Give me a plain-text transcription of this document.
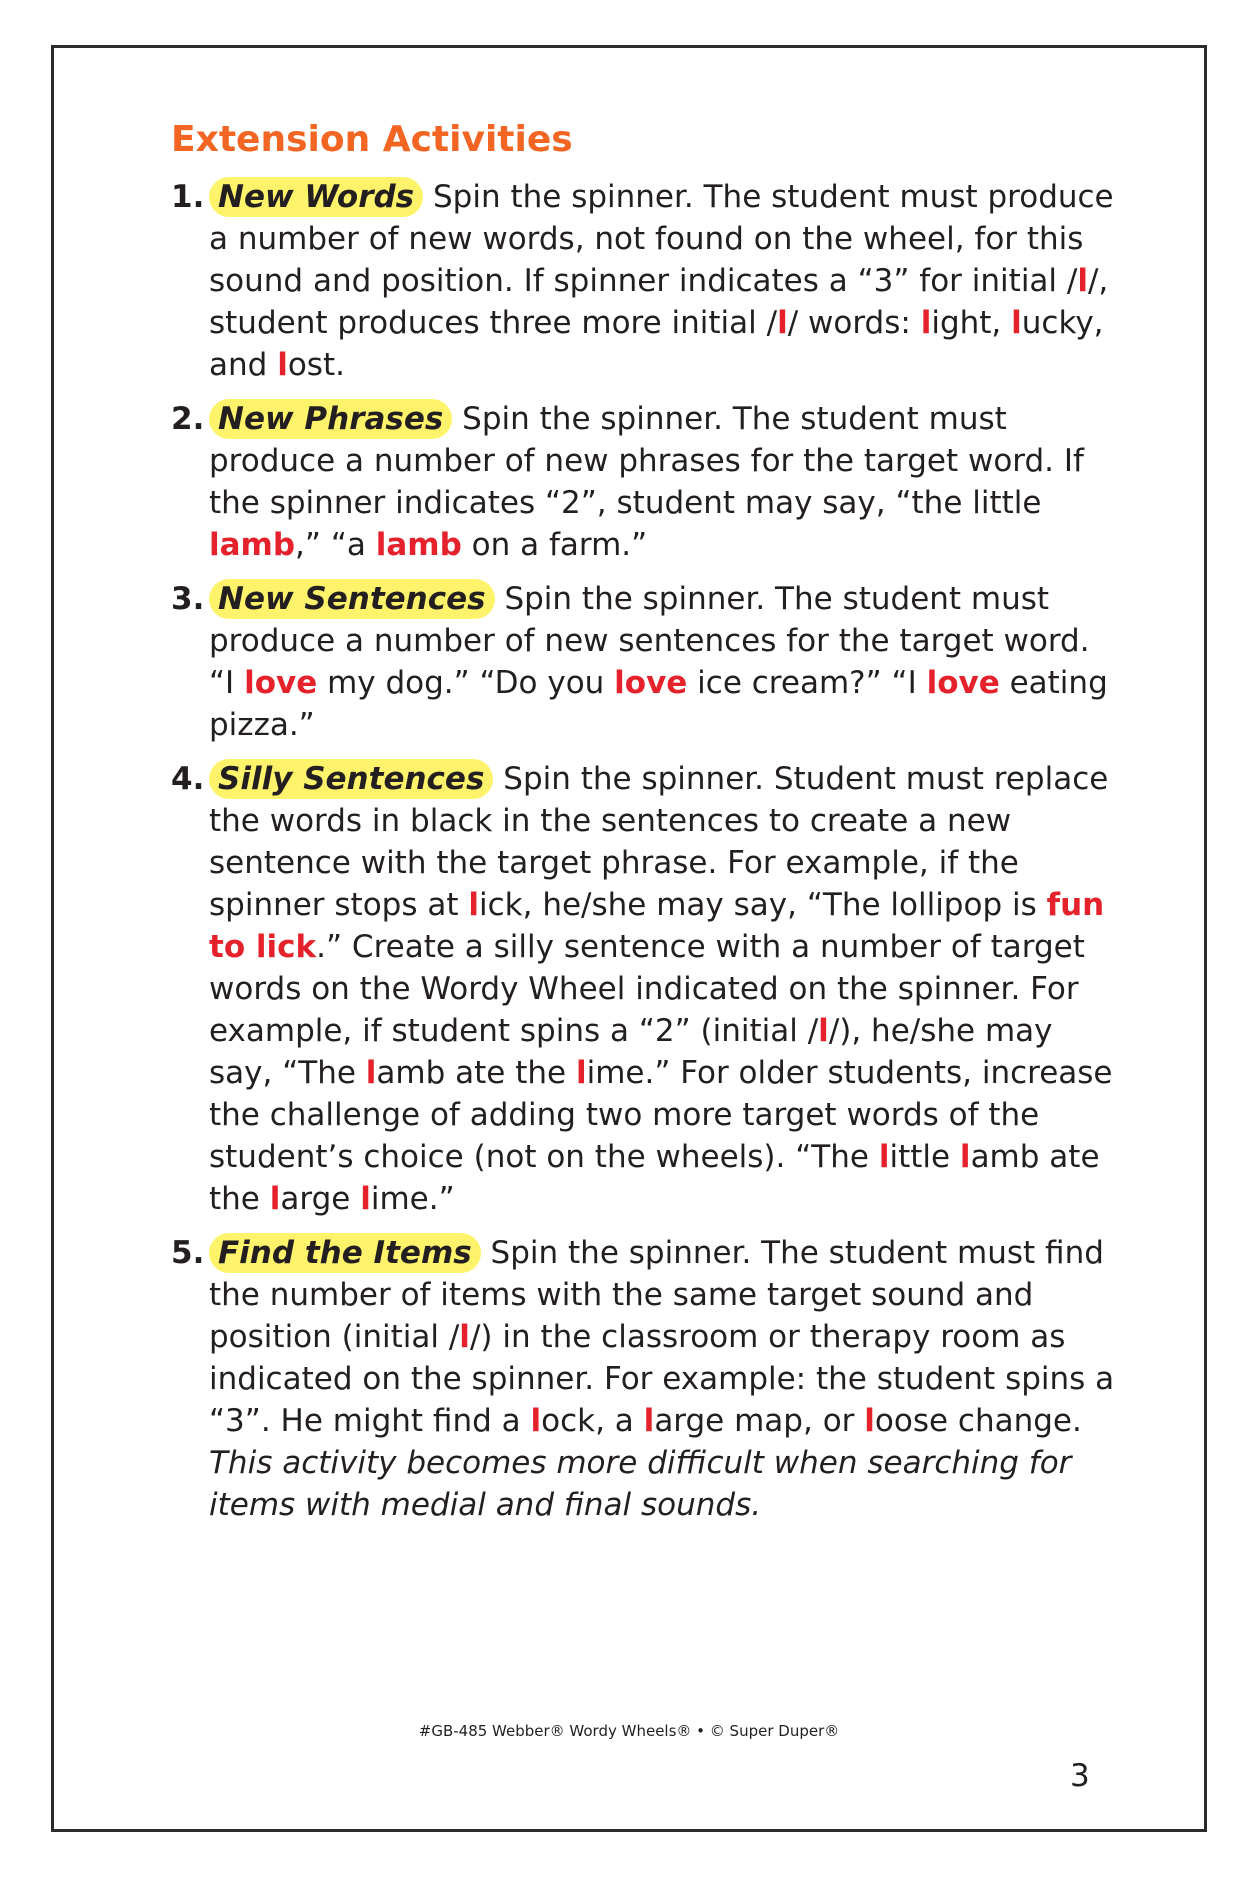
Extension Activities
1. New Words Spin the spinner. The student must produce a number of new words, not found on the wheel, for this sound and position. If spinner indicates a “3” for initial /l/, student produces three more initial /l/ words: light, lucky, and lost.
2. New Phrases Spin the spinner. The student must produce a number of new phrases for the target word. If the spinner indicates “2”, student may say, “the little lamb,” “a lamb on a farm.”
3. New Sentences Spin the spinner. The student must produce a number of new sentences for the target word. “I love my dog.” “Do you love ice cream?” “I love eating pizza.”
4. Silly Sentences Spin the spinner. Student must replace the words in black in the sentences to create a new sentence with the target phrase. For example, if the spinner stops at lick, he/she may say, “The lollipop is fun to lick.” Create a silly sentence with a number of target words on the Wordy Wheel indicated on the spinner. For example, if student spins a “2” (initial /l/), he/she may say, “The lamb ate the lime.” For older students, increase the challenge of adding two more target words of the student’s choice (not on the wheels). “The little lamb ate the large lime.”
5. Find the Items Spin the spinner. The student must find the number of items with the same target sound and position (initial /l/) in the classroom or therapy room as indicated on the spinner. For example: the student spins a “3”. He might find a lock, a large map, or loose change. This activity becomes more difficult when searching for items with medial and final sounds.
#GB-485 Webber® Wordy Wheels® • © Super Duper®
3
